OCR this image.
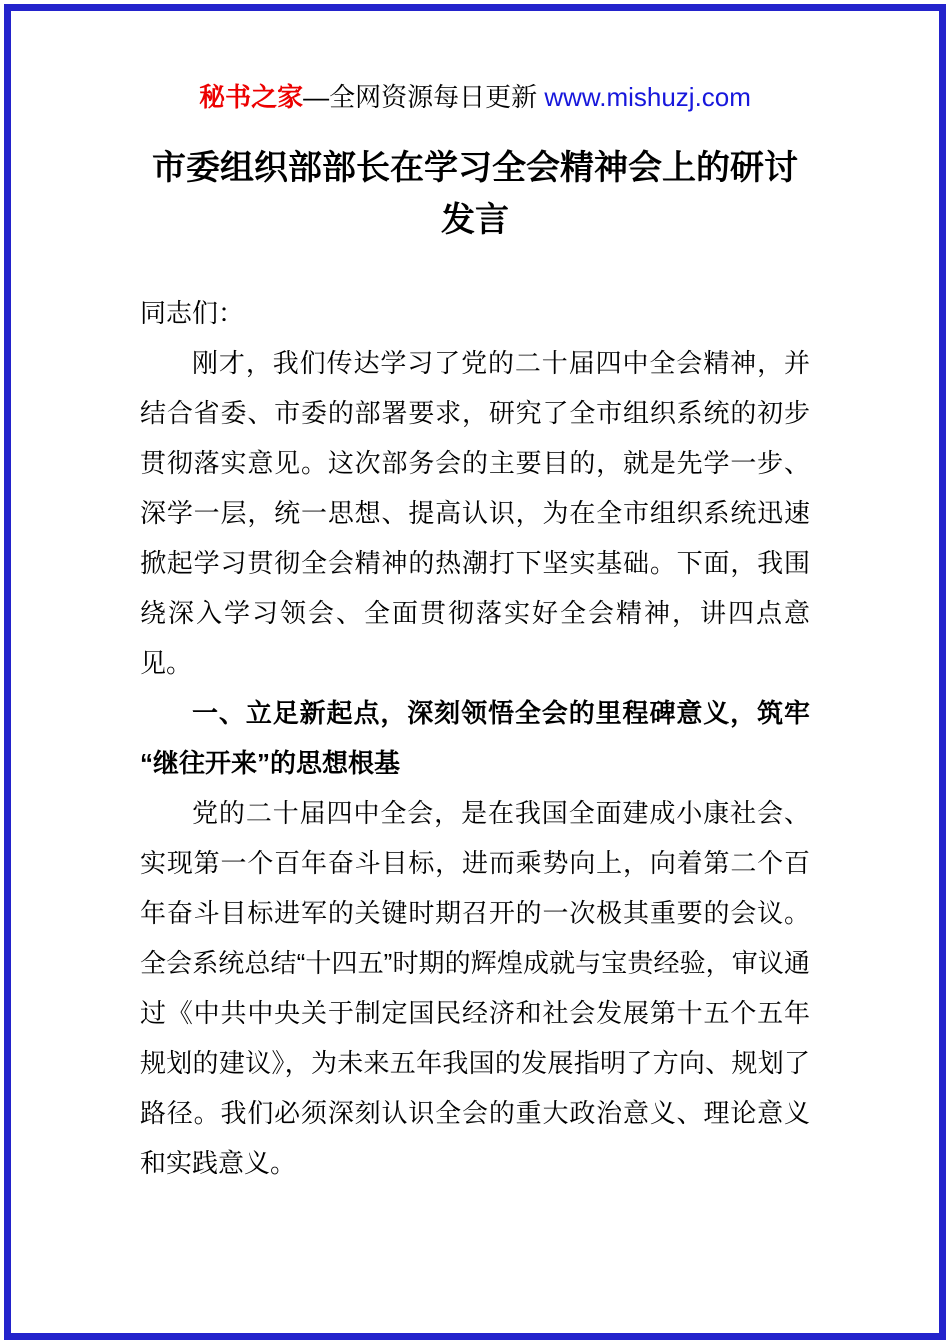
秘书之家—全网资源每日更新 www.mishuzj.com
市委组织部部长在学习全会精神会上的研讨发言

同志们：

刚才，我们传达学习了党的二十届四中全会精神，并结合省委、市委的部署要求，研究了全市组织系统的初步贯彻落实意见。这次部务会的主要目的，就是先学一步、深学一层，统一思想、提高认识，为在全市组织系统迅速掀起学习贯彻全会精神的热潮打下坚实基础。下面，我围绕深入学习领会、全面贯彻落实好全会精神，讲四点意见。

一、立足新起点，深刻领悟全会的里程碑意义，筑牢“继往开来”的思想根基

党的二十届四中全会，是在我国全面建成小康社会、实现第一个百年奋斗目标，进而乘势向上，向着第二个百年奋斗目标进军的关键时期召开的一次极其重要的会议。全会系统总结“十四五”时期的辉煌成就与宝贵经验，审议通过《中共中央关于制定国民经济和社会发展第十五个五年规划的建议》，为未来五年我国的发展指明了方向、规划了路径。我们必须深刻认识全会的重大政治意义、理论意义和实践意义。
